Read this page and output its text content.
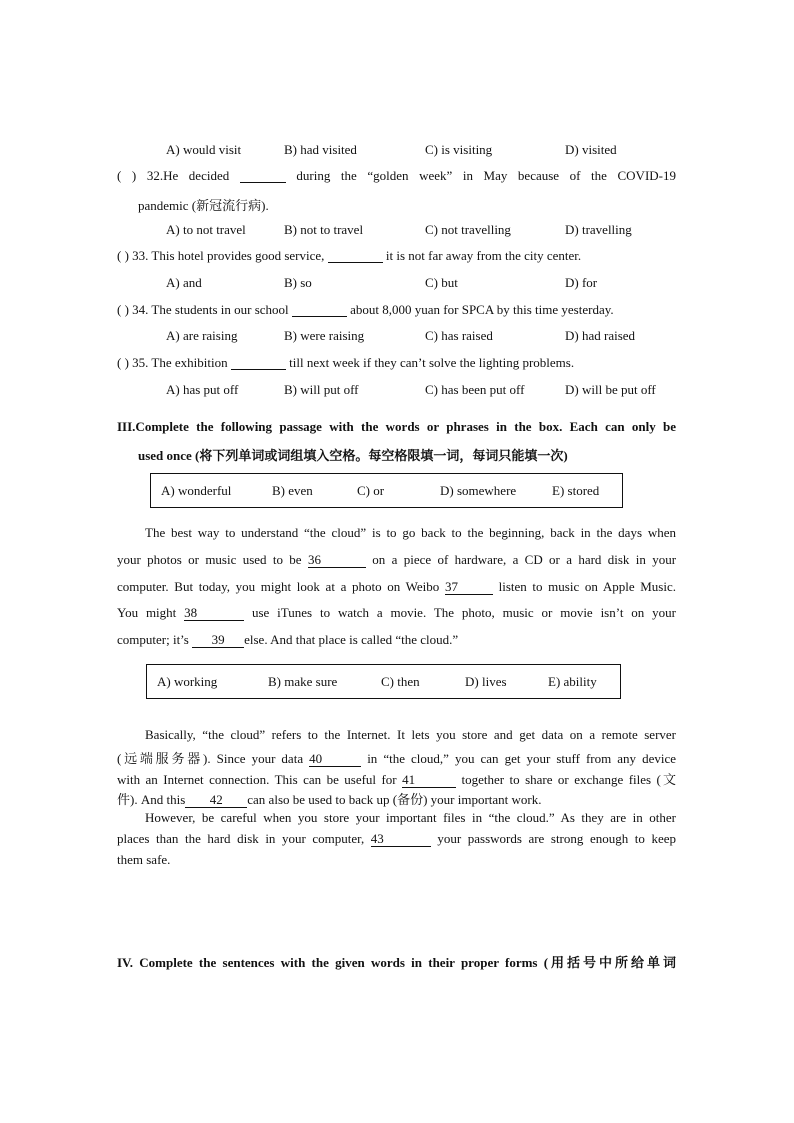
A) would visit	B) had visited	C) is visiting	D) visited
( ) 32.He decided	during the “golden week” in May because of the COVID-19
pandemic (新冠流行病).
A) to not travel	B) not to travel	C) not travelling	D) travelling
( ) 33. This hotel provides good service,	it is not far away from the city center.
A) and	B) so	C) but	D) for
( ) 34. The students in our school	about 8,000 yuan for SPCA by this time yesterday.
A) are raising	B) were raising	C) has raised	D) had raised
( ) 35. The exhibition	till next week if they can’t solve the lighting problems.
A) has put off	B) will put off	C) has been put off	D) will be put off
III.Complete the following passage with the words or phrases in the box. Each can only be
used once (将下列单词或词组填入空格。每空格限填一词，每词只能填一次)
A) wonderful	B) even	C) or	D) somewhere	E) stored
The best way to understand “the cloud” is to go back to the beginning, back in the days when
your photos or music used to be 36	on a piece of hardware, a CD or a hard disk in your
computer. But today, you might look at a photo on Weibo 37	listen to music on Apple Music.
You might 38	use iTunes to watch a movie. The photo, music or movie isn’t on your
computer; it’s 39 else. And that place is called “the cloud.”
A) working	B) make sure	C) then	D) lives	E) ability
Basically, “the cloud” refers to the Internet. It lets you store and get data on a remote server
(远端服务器). Since your data 40	in “the cloud,” you can get your stuff from any device
with an Internet connection. This can be useful for 41	together to share or exchange files (文
件). And this 42 can also be used to back up (备份) your important work.
However, be careful when you store your important files in “the cloud.” As they are in other
places than the hard disk in your computer, 43	your passwords are strong enough to keep
them safe.
IV. Complete the sentences with the given words in their proper forms (用括号中所给单词
